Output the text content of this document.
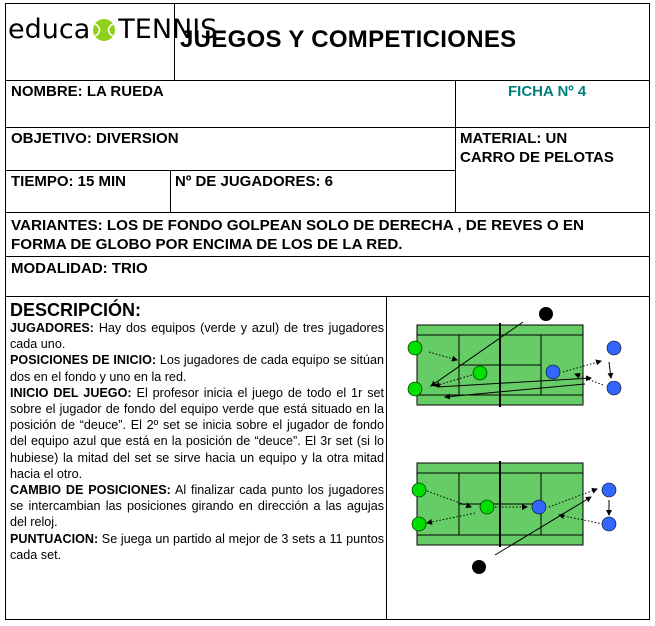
educa TENNIS
JUEGOS Y COMPETICIONES
NOMBRE: LA RUEDA	FICHA Nº 4
OBJETIVO: DIVERSION	MATERIAL: UN
CARRO DE PELOTAS
TIEMPO: 15 MIN	Nº DE JUGADORES: 6
VARIANTES: LOS DE FONDO GOLPEAN SOLO DE DERECHA , DE REVES O EN
FORMA DE GLOBO POR ENCIMA DE LOS DE LA RED.
MODALIDAD: TRIO
DESCRIPCIÓN:

JUGADORES: Hay dos equipos (verde y azul) de tres jugadores cada uno.

POSICIONES DE INICIO: Los jugadores de cada equipo se sitúan dos en el fondo y uno en la red.

INICIO DEL JUEGO: El profesor inicia el juego de todo el 1r set sobre el jugador de fondo del equipo verde que está situado en la posición de “deuce”. El 2º set se inicia sobre el jugador de fondo del equipo azul que está en la posición de “deuce”. El 3r set (si lo hubiese) la mitad del set se sirve hacia un equipo y la otra mitad hacia el otro.

CAMBIO DE POSICIONES: Al finalizar cada punto los jugadores se intercambian las posiciones girando en dirección a las agujas del reloj.

PUNTUACION: Se juega un partido al mejor de 3 sets a 11 puntos cada set.
